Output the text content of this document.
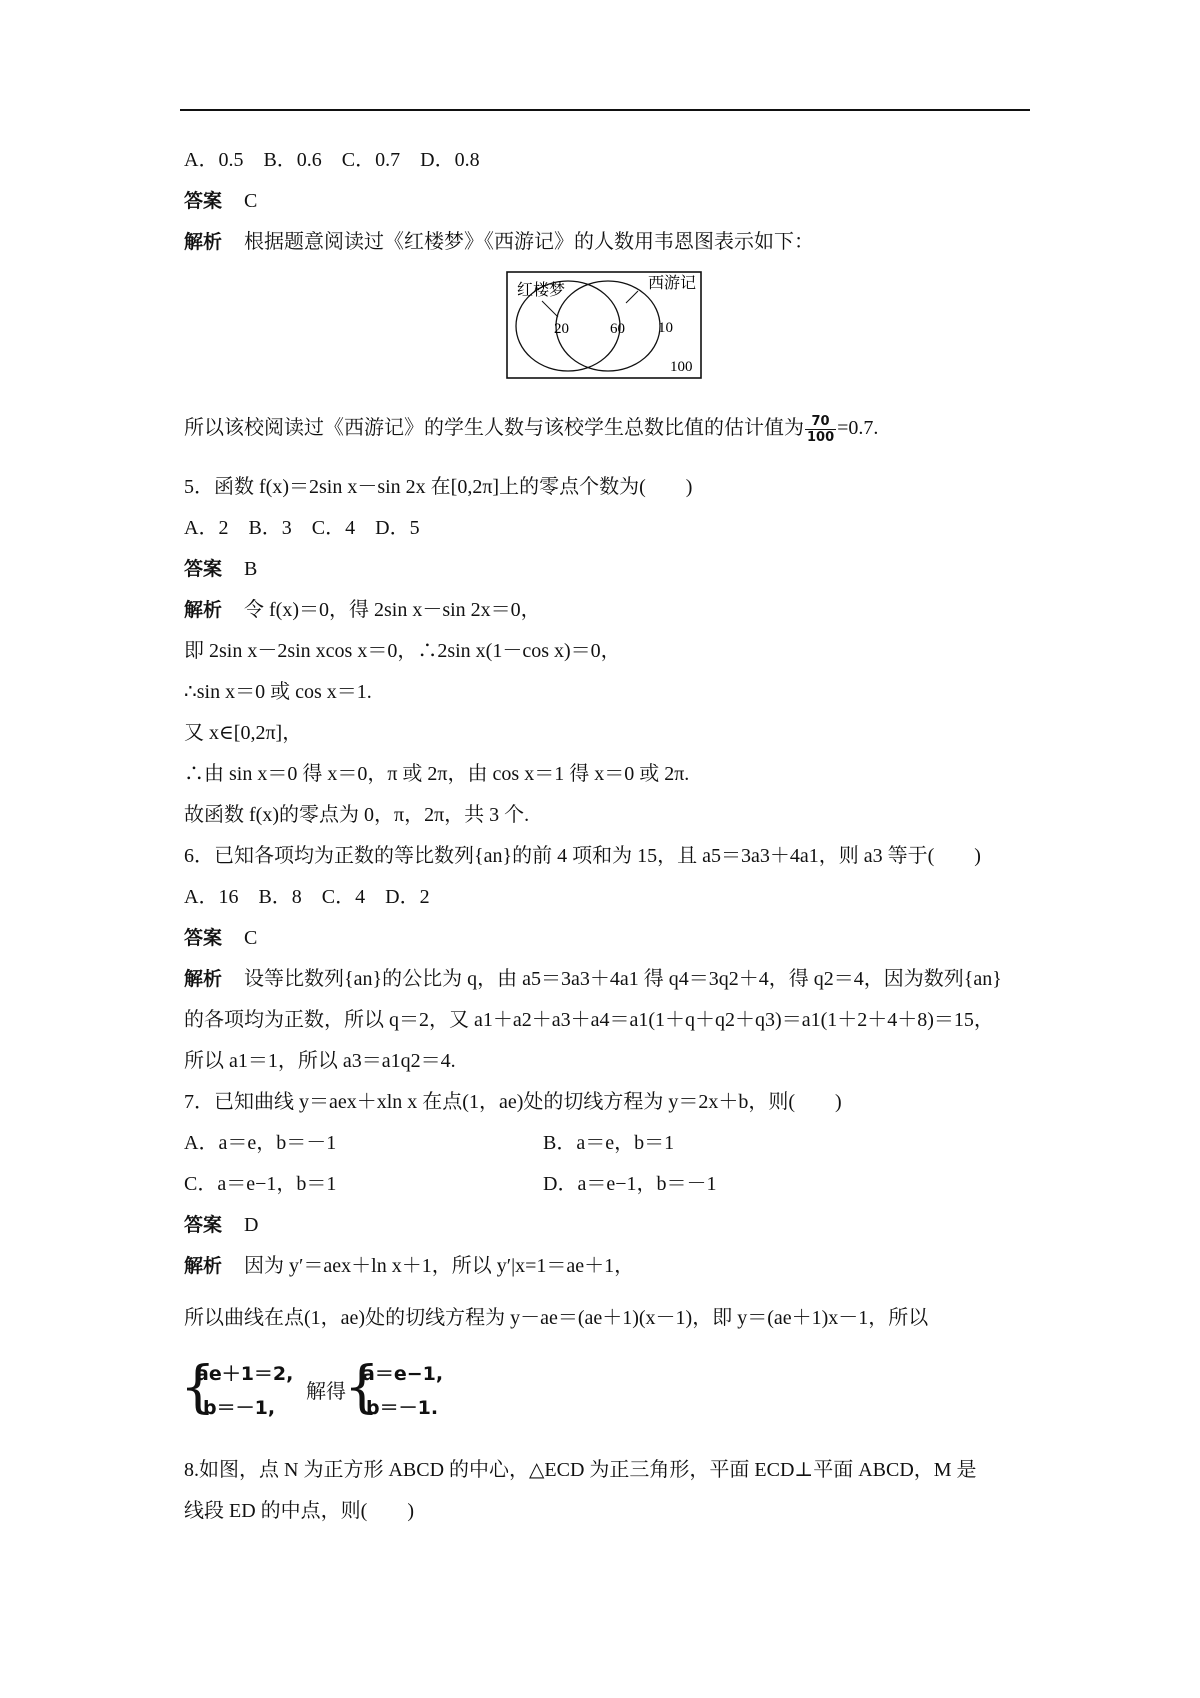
A．0.5　B．0.6　C．0.7　D．0.8
答案 C
解析 根据题意阅读过《红楼梦》《西游记》的人数用韦恩图表示如下：
红楼梦	西游记
20	60 10
100
所以该校阅读过《西游记》的学生人数与该校学生总数比值的估计值为 $\frac{70}{100} =0.7$.
5．函数 f(x)＝2sin x－sin 2x 在[0,2π]上的零点个数为(　　)
A．2　B．3　C．4　D．5
答案 B
解析 令 f(x)＝0，得 2sin x－sin 2x＝0，
即 2sin x－2sin xcos x＝0，∴2sin x(1－cos x)＝0，
∴sin x＝0 或 cos x＝1.
又 x∈[0,2π]，
∴由 sin x＝0 得 x＝0，π 或 2π，由 cos x＝1 得 x＝0 或 2π.
故函数 f(x)的零点为 0，π，2π，共 3 个.
6．已知各项均为正数的等比数列{an}的前 4 项和为 15，且 a5＝3a3＋4a1，则 a3 等于(　　)
A．16　B．8　C．4　D．2
答案 C
解析 设等比数列{an}的公比为 q，由 a5＝3a3＋4a1 得 q4＝3q2＋4，得 q2＝4，因为数列{an}
的各项均为正数，所以 q＝2，又 a1＋a2＋a3＋a4＝a1(1＋q＋q2＋q3)＝a1(1＋2＋4＋8)＝15，
所以 a1＝1，所以 a3＝a1q2＝4.
7．已知曲线 y＝aex＋xln x 在点(1，ae)处的切线方程为 y＝2x＋b，则(　　)
A．a＝e，b＝－1	B．a＝e，b＝1
C．a＝e−1，b＝1	D．a＝e−1，b＝－1
答案 D
解析 因为 y′＝aex＋ln x＋1，所以 y′|x=1＝ae＋1，
所以曲线在点(1，ae)处的切线方程为 y－ae＝(ae＋1)(x－1)，即 y＝(ae＋1)x－1，所以
{
ae＋1＝2,
b＝－1,
解得
{
a＝e−1,
b＝－1.
8.如图，点 N 为正方形 ABCD 的中心，△ECD 为正三角形，平面 ECD⊥平面 ABCD，M 是
线段 ED 的中点，则(　　)
